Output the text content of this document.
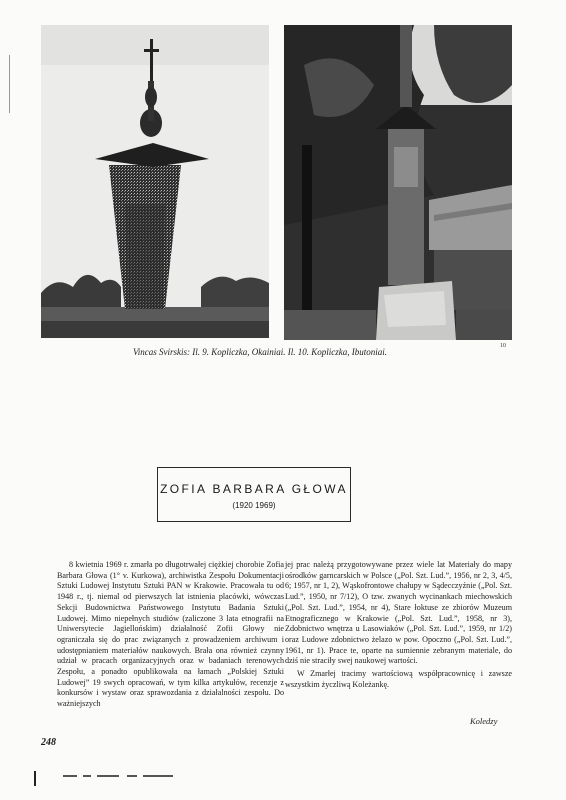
Vincas Svirskis: Il. 9. Kopliczka, Okainiai. Il. 10. Kopliczka, Ibutoniai.
10
ZOFIA BARBARA GŁOWA
(1920 1969)

8 kwietnia 1969 r. zmarła po długotrwałej ciężkiej chorobie Zofia Barbara Głowa (1° v. Kurkowa), archiwistka Zespołu Dokumentacji Sztuki Ludowej Instytutu Sztuki PAN w Krakowie. Pracowała tu od 1948 r., tj. niemal od pierwszych lat istnienia placówki, wówczas Sekcji Budownictwa Państwowego Instytutu Badania Sztuki Ludowej. Mimo niepełnych studiów (zaliczone 3 lata etnografii na Uniwersytecie Jagiellońskim) działalność Zofii Głowy nie ograniczała się do prac związanych z prowadzeniem archiwum i udostępnianiem materiałów naukowych. Brała ona również czynny udział w pracach organizacyjnych oraz w badaniach terenowych Zespołu, a ponadto opublikowała na łamach „Polskiej Sztuki Ludowej” 19 swych opracowań, w tym kilka artykułów, recenzje z konkursów i wystaw oraz sprawozdania z działalności zespołu. Do ważniejszych

jej prac należą przygotowywane przez wiele lat Materiały do mapy ośrodków garncarskich w Polsce („Pol. Szt. Lud.”, 1956, nr 2, 3, 4/5, 6; 1957, nr 1, 2), Wąskofrontowe chałupy w Sądecczyźnie („Pol. Szt. Lud.”, 1950, nr 7/12), O tzw. zwanych wycinankach miechowskich („Pol. Szt. Lud.”, 1954, nr 4), Stare łoktuse ze zbiorów Muzeum Etnograficznego w Krakowie („Pol. Szt. Lud.”, 1958, nr 3), Zdobnictwo wnętrza u Lasowiaków („Pol. Szt. Lud.”, 1959, nr 1/2) oraz Ludowe zdobnictwo żelazo w pow. Opoczno („Pol. Szt. Lud.”, 1961, nr 1). Prace te, oparte na sumiennie zebranym materiale, do dziś nie straciły swej naukowej wartości.

W Zmarłej tracimy wartościową współpracownicę i zawsze wszystkim życzliwą Koleżankę.

Koledzy
248
